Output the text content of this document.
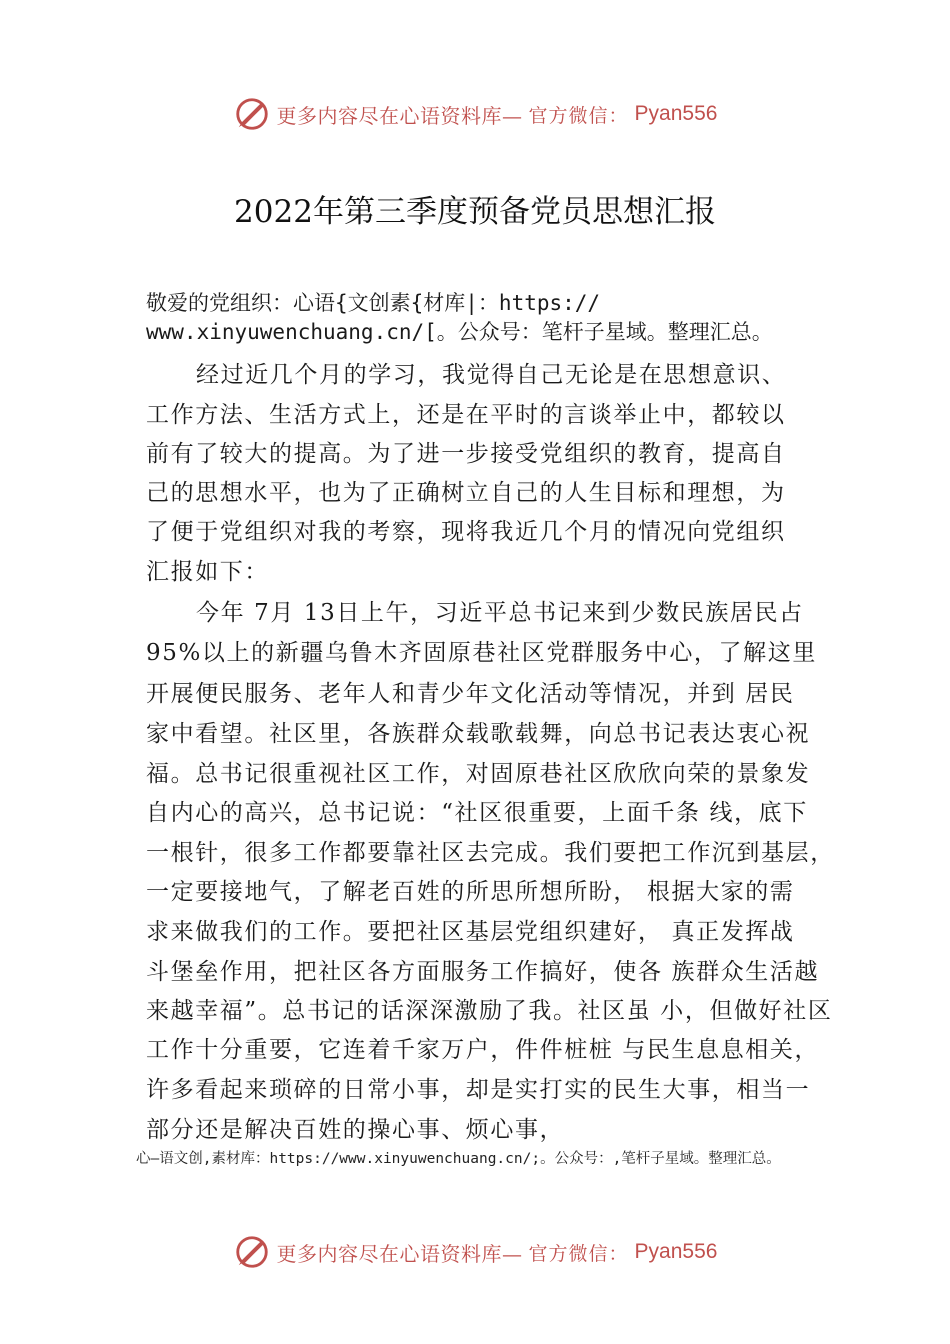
更多内容尽在心语资料库— 官方微信： Pyan556
2022年第三季度预备党员思想汇报
敬爱的党组织：心语{文创素{材库|：https://
www.xinyuwenchuang.cn/[。公众号：笔杆子星域。整理汇总。
经过近几个月的学习，我觉得自己无论是在思想意识、
工作方法、生活方式上，还是在平时的言谈举止中，都较以
前有了较大的提高。为了进一步接受党组织的教育，提高自
己的思想水平，也为了正确树立自己的人生目标和理想，为
了便于党组织对我的考察，现将我近几个月的情况向党组织
汇报如下：
今年 7月 13日上午，习近平总书记来到少数民族居民占
95%以上的新疆乌鲁木齐固原巷社区党群服务中心，了解这里
开展便民服务、老年人和青少年文化活动等情况，并到 居民
家中看望。社区里，各族群众载歌载舞，向总书记表达衷心祝
福。总书记很重视社区工作，对固原巷社区欣欣向荣的景象发
自内心的高兴，总书记说：“社区很重要，上面千条 线，底下
一根针，很多工作都要靠社区去完成。我们要把工作沉到基层，
一定要接地气，了解老百姓的所思所想所盼， 根据大家的需
求来做我们的工作。要把社区基层党组织建好， 真正发挥战
斗堡垒作用，把社区各方面服务工作搞好，使各 族群众生活越
来越幸福”。总书记的话深深激励了我。社区虽 小，但做好社区
工作十分重要，它连着千家万户，件件桩桩 与民生息息相关，
许多看起来琐碎的日常小事，却是实打实的民生大事，相当一
部分还是解决百姓的操心事、烦心事，
心—语文创,素材库：https://www.xinyuwenchuang.cn/;。公众号：,笔杆子星域。整理汇总。
更多内容尽在心语资料库— 官方微信： Pyan556
